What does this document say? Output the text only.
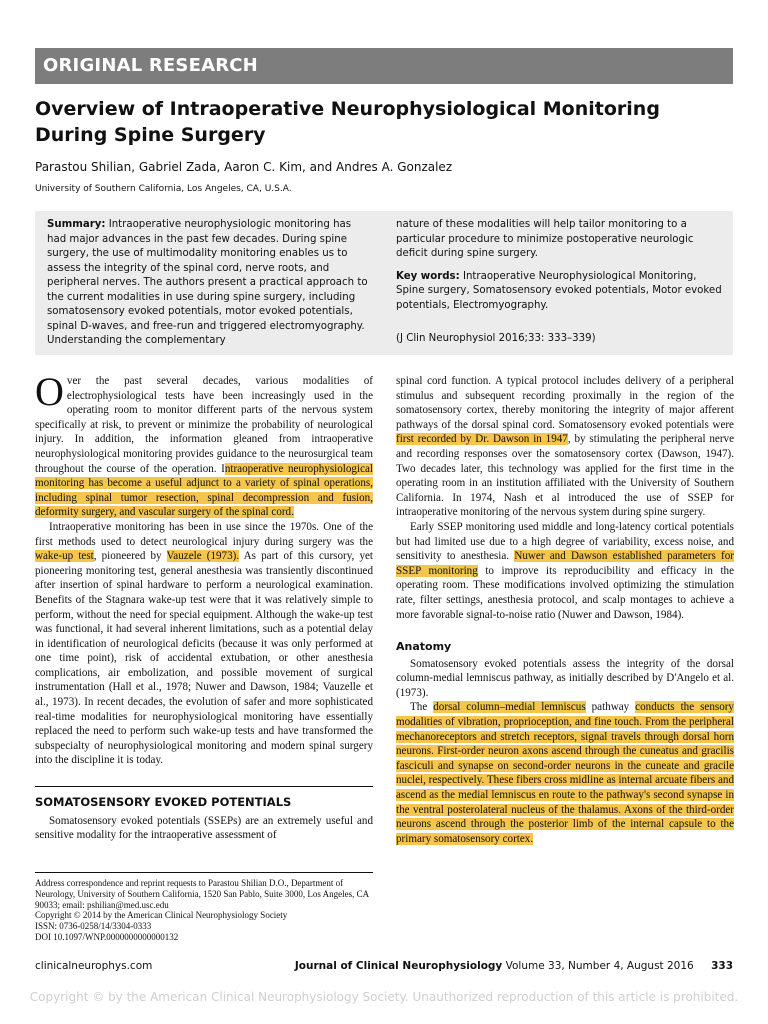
ORIGINAL RESEARCH
Overview of Intraoperative Neurophysiological Monitoring During Spine Surgery
Parastou Shilian, Gabriel Zada, Aaron C. Kim, and Andres A. Gonzalez
University of Southern California, Los Angeles, CA, U.S.A.
Summary: Intraoperative neurophysiologic monitoring has had major advances in the past few decades. During spine surgery, the use of multimodality monitoring enables us to assess the integrity of the spinal cord, nerve roots, and peripheral nerves. The authors present a practical approach to the current modalities in use during spine surgery, including somatosensory evoked potentials, motor evoked potentials, spinal D-waves, and free-run and triggered electromyography. Understanding the complementary

nature of these modalities will help tailor monitoring to a particular procedure to minimize postoperative neurologic deficit during spine surgery.

Key words: Intraoperative Neurophysiological Monitoring, Spine surgery, Somatosensory evoked potentials, Motor evoked potentials, Electromyography.

(J Clin Neurophysiol 2016;33: 333–339)

Over the past several decades, various modalities of electrophysiological tests have been increasingly used in the operating room to monitor different parts of the nervous system specifically at risk, to prevent or minimize the probability of neurological injury. In addition, the information gleaned from intraoperative neurophysiological monitoring provides guidance to the neurosurgical team throughout the course of the operation. Intraoperative neurophysiological monitoring has become a useful adjunct to a variety of spinal operations, including spinal tumor resection, spinal decompression and fusion, deformity surgery, and vascular surgery of the spinal cord.

Intraoperative monitoring has been in use since the 1970s. One of the first methods used to detect neurological injury during surgery was the wake-up test, pioneered by Vauzele (1973). As part of this cursory, yet pioneering monitoring test, general anesthesia was transiently discontinued after insertion of spinal hardware to perform a neurological examination. Benefits of the Stagnara wake-up test were that it was relatively simple to perform, without the need for special equipment. Although the wake-up test was functional, it had several inherent limitations, such as a potential delay in identification of neurological deficits (because it was only performed at one time point), risk of accidental extubation, or other anesthesia complications, air embolization, and possible movement of surgical instrumentation (Hall et al., 1978; Nuwer and Dawson, 1984; Vauzelle et al., 1973). In recent decades, the evolution of safer and more sophisticated real-time modalities for neurophysiological monitoring have essentially replaced the need to perform such wake-up tests and have transformed the subspecialty of neurophysiological monitoring and modern spinal surgery into the discipline it is today.

SOMATOSENSORY EVOKED POTENTIALS

Somatosensory evoked potentials (SSEPs) are an extremely useful and sensitive modality for the intraoperative assessment of

Address correspondence and reprint requests to Parastou Shilian D.O., Department of Neurology, University of Southern California, 1520 San Pablo, Suite 3000, Los Angeles, CA 90033; email: pshilian@med.usc.edu
Copyright © 2014 by the American Clinical Neurophysiology Society
ISSN: 0736-0258/14/3304-0333
DOI 10.1097/WNP.0000000000000132

spinal cord function. A typical protocol includes delivery of a peripheral stimulus and subsequent recording proximally in the region of the somatosensory cortex, thereby monitoring the integrity of major afferent pathways of the dorsal spinal cord. Somatosensory evoked potentials were first recorded by Dr. Dawson in 1947, by stimulating the peripheral nerve and recording responses over the somatosensory cortex (Dawson, 1947). Two decades later, this technology was applied for the first time in the operating room in an institution affiliated with the University of Southern California. In 1974, Nash et al introduced the use of SSEP for intraoperative monitoring of the nervous system during spine surgery.

Early SSEP monitoring used middle and long-latency cortical potentials but had limited use due to a high degree of variability, excess noise, and sensitivity to anesthesia. Nuwer and Dawson established parameters for SSEP monitoring to improve its reproducibility and efficacy in the operating room. These modifications involved optimizing the stimulation rate, filter settings, anesthesia protocol, and scalp montages to achieve a more favorable signal-to-noise ratio (Nuwer and Dawson, 1984).

Anatomy

Somatosensory evoked potentials assess the integrity of the dorsal column-medial lemniscus pathway, as initially described by D'Angelo et al. (1973).

The dorsal column–medial lemniscus pathway conducts the sensory modalities of vibration, proprioception, and fine touch. From the peripheral mechanoreceptors and stretch receptors, signal travels through dorsal horn neurons. First-order neuron axons ascend through the cuneatus and gracilis fasciculi and synapse on second-order neurons in the cuneate and gracile nuclei, respectively. These fibers cross midline as internal arcuate fibers and ascend as the medial lemniscus en route to the pathway's second synapse in the ventral posterolateral nucleus of the thalamus. Axons of the third-order neurons ascend through the posterior limb of the internal capsule to the primary somatosensory cortex.

clinicalneurophys.com	Journal of Clinical Neurophysiology Volume 33, Number 4, August 2016 333
Copyright © by the American Clinical Neurophysiology Society. Unauthorized reproduction of this article is prohibited.
